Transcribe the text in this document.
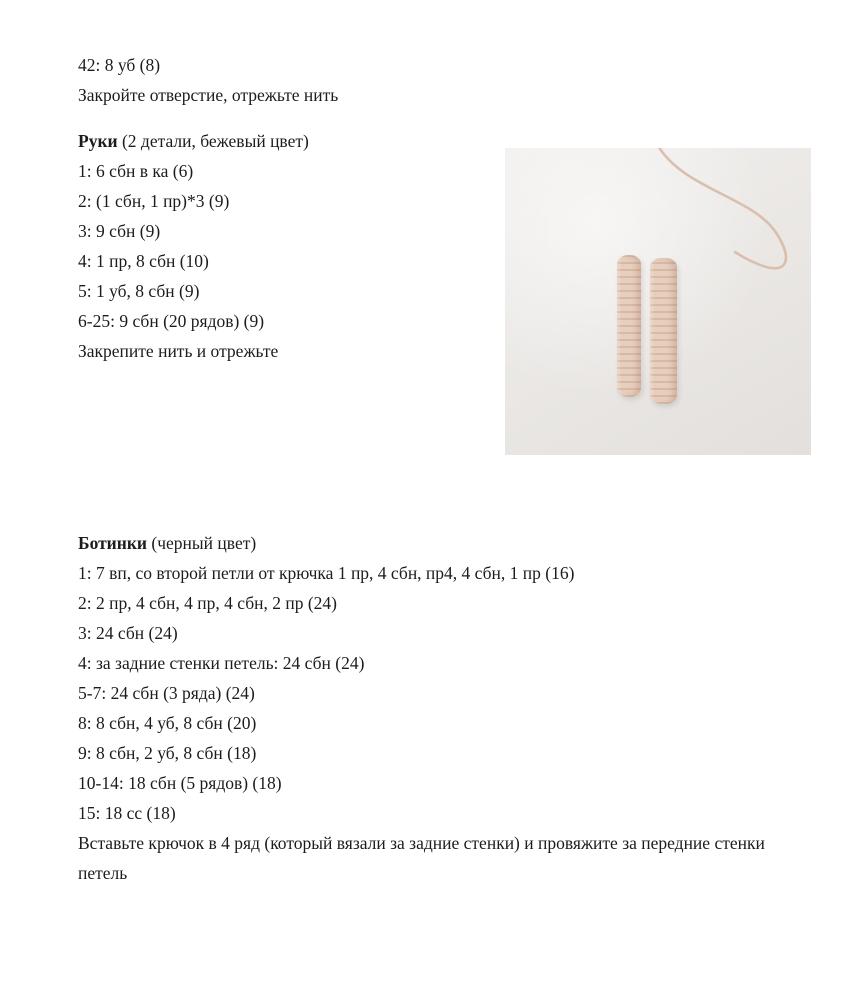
42: 8 уб (8)
Закройте отверстие, отрежьте нить
Руки (2 детали, бежевый цвет)
1: 6 сбн в ка (6)
2: (1 сбн, 1 пр)*3 (9)
3: 9 сбн (9)
4: 1 пр, 8 сбн (10)
5: 1 уб, 8 сбн (9)
6-25: 9 сбн (20 рядов) (9)
Закрепите нить и отрежьте
Ботинки (черный цвет)
1: 7 вп, со второй петли от крючка 1 пр, 4 сбн, пр4, 4 сбн, 1 пр (16)
2: 2 пр, 4 сбн, 4 пр, 4 сбн, 2 пр (24)
3: 24 сбн (24)
4: за задние стенки петель: 24 сбн (24)
5-7: 24 сбн (3 ряда) (24)
8: 8 сбн, 4 уб, 8 сбн (20)
9: 8 сбн, 2 уб, 8 сбн (18)
10-14: 18 сбн (5 рядов) (18)
15: 18 сс (18)
Вставьте крючок в 4 ряд (который вязали за задние стенки) и провяжите за передние стенки петель
